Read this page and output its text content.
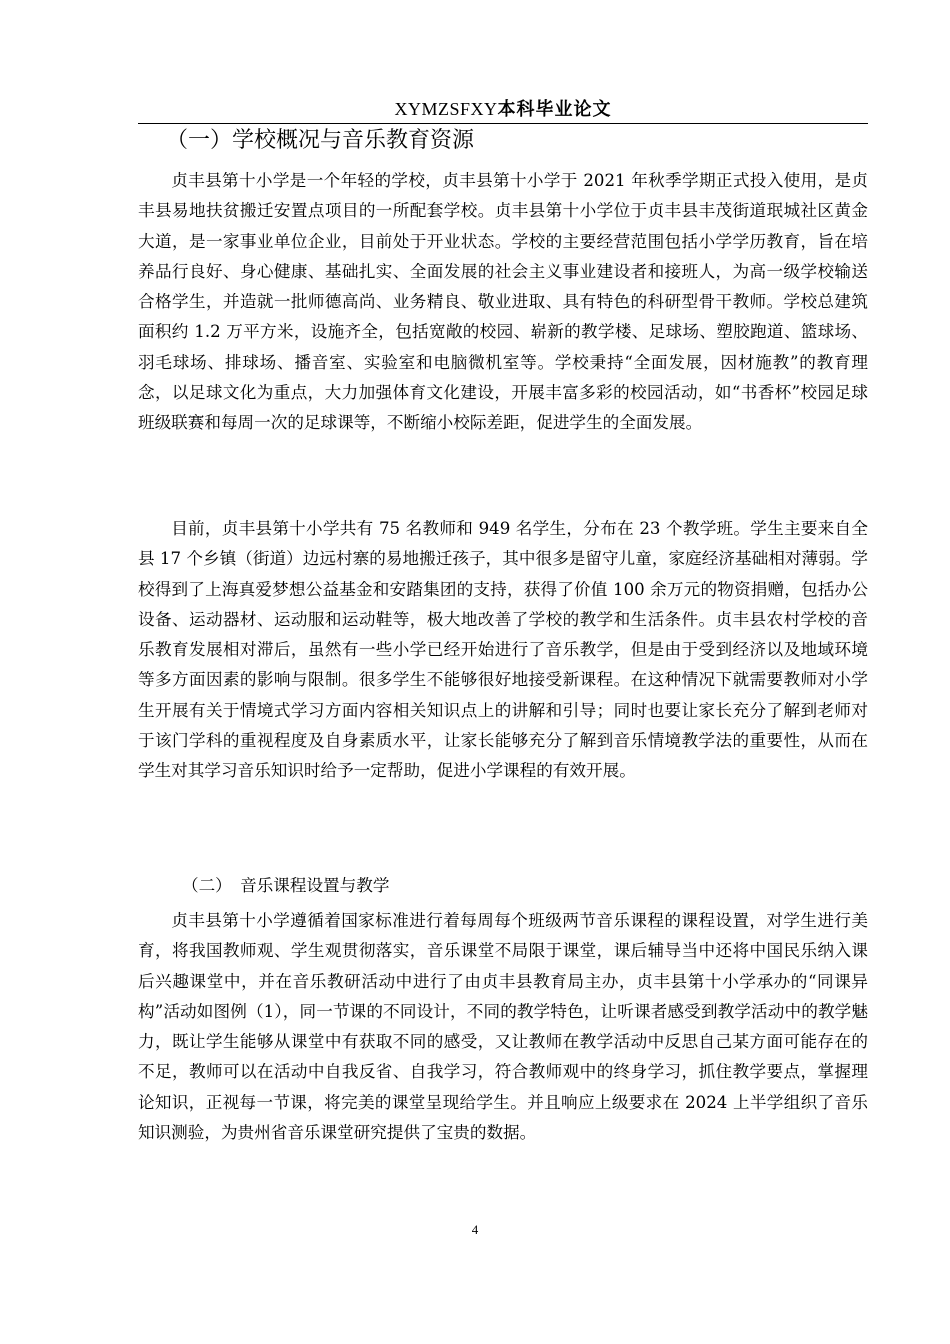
XYMZSFXY本科毕业论文
（一）学校概况与音乐教育资源

贞丰县第十小学是一个年轻的学校，贞丰县第十小学于 2021 年秋季学期正式投入使用，是贞丰县易地扶贫搬迁安置点项目的一所配套学校。贞丰县第十小学位于贞丰县丰茂街道珉城社区黄金大道，是一家事业单位企业，目前处于开业状态。学校的主要经营范围包括小学学历教育，旨在培养品行良好、身心健康、基础扎实、全面发展的社会主义事业建设者和接班人，为高一级学校输送合格学生，并造就一批师德高尚、业务精良、敬业进取、具有特色的科研型骨干教师。学校总建筑面积约 1.2 万平方米，设施齐全，包括宽敞的校园、崭新的教学楼、足球场、塑胶跑道、篮球场、羽毛球场、排球场、播音室、实验室和电脑微机室等。学校秉持“全面发展，因材施教”的教育理念，以足球文化为重点，大力加强体育文化建设，开展丰富多彩的校园活动，如“书香杯”校园足球班级联赛和每周一次的足球课等，不断缩小校际差距，促进学生的全面发展。

目前，贞丰县第十小学共有 75 名教师和 949 名学生，分布在 23 个教学班。学生主要来自全县 17 个乡镇（街道）边远村寨的易地搬迁孩子，其中很多是留守儿童，家庭经济基础相对薄弱。学校得到了上海真爱梦想公益基金和安踏集团的支持，获得了价值 100 余万元的物资捐赠，包括办公设备、运动器材、运动服和运动鞋等，极大地改善了学校的教学和生活条件。贞丰县农村学校的音乐教育发展相对滞后，虽然有一些小学已经开始进行了音乐教学，但是由于受到经济以及地域环境等多方面因素的影响与限制。很多学生不能够很好地接受新课程。在这种情况下就需要教师对小学生开展有关于情境式学习方面内容相关知识点上的讲解和引导；同时也要让家长充分了解到老师对于该门学科的重视程度及自身素质水平，让家长能够充分了解到音乐情境教学法的重要性，从而在学生对其学习音乐知识时给予一定帮助，促进小学课程的有效开展。

（二）　音乐课程设置与教学

贞丰县第十小学遵循着国家标准进行着每周每个班级两节音乐课程的课程设置，对学生进行美育，将我国教师观、学生观贯彻落实，音乐课堂不局限于课堂，课后辅导当中还将中国民乐纳入课后兴趣课堂中，并在音乐教研活动中进行了由贞丰县教育局主办，贞丰县第十小学承办的“同课异构”活动如图例（1），同一节课的不同设计，不同的教学特色，让听课者感受到教学活动中的教学魅力，既让学生能够从课堂中有获取不同的感受，又让教师在教学活动中反思自己某方面可能存在的不足，教师可以在活动中自我反省、自我学习，符合教师观中的终身学习，抓住教学要点，掌握理论知识，正视每一节课，将完美的课堂呈现给学生。并且响应上级要求在 2024 上半学组织了音乐知识测验，为贵州省音乐课堂研究提供了宝贵的数据。

4
